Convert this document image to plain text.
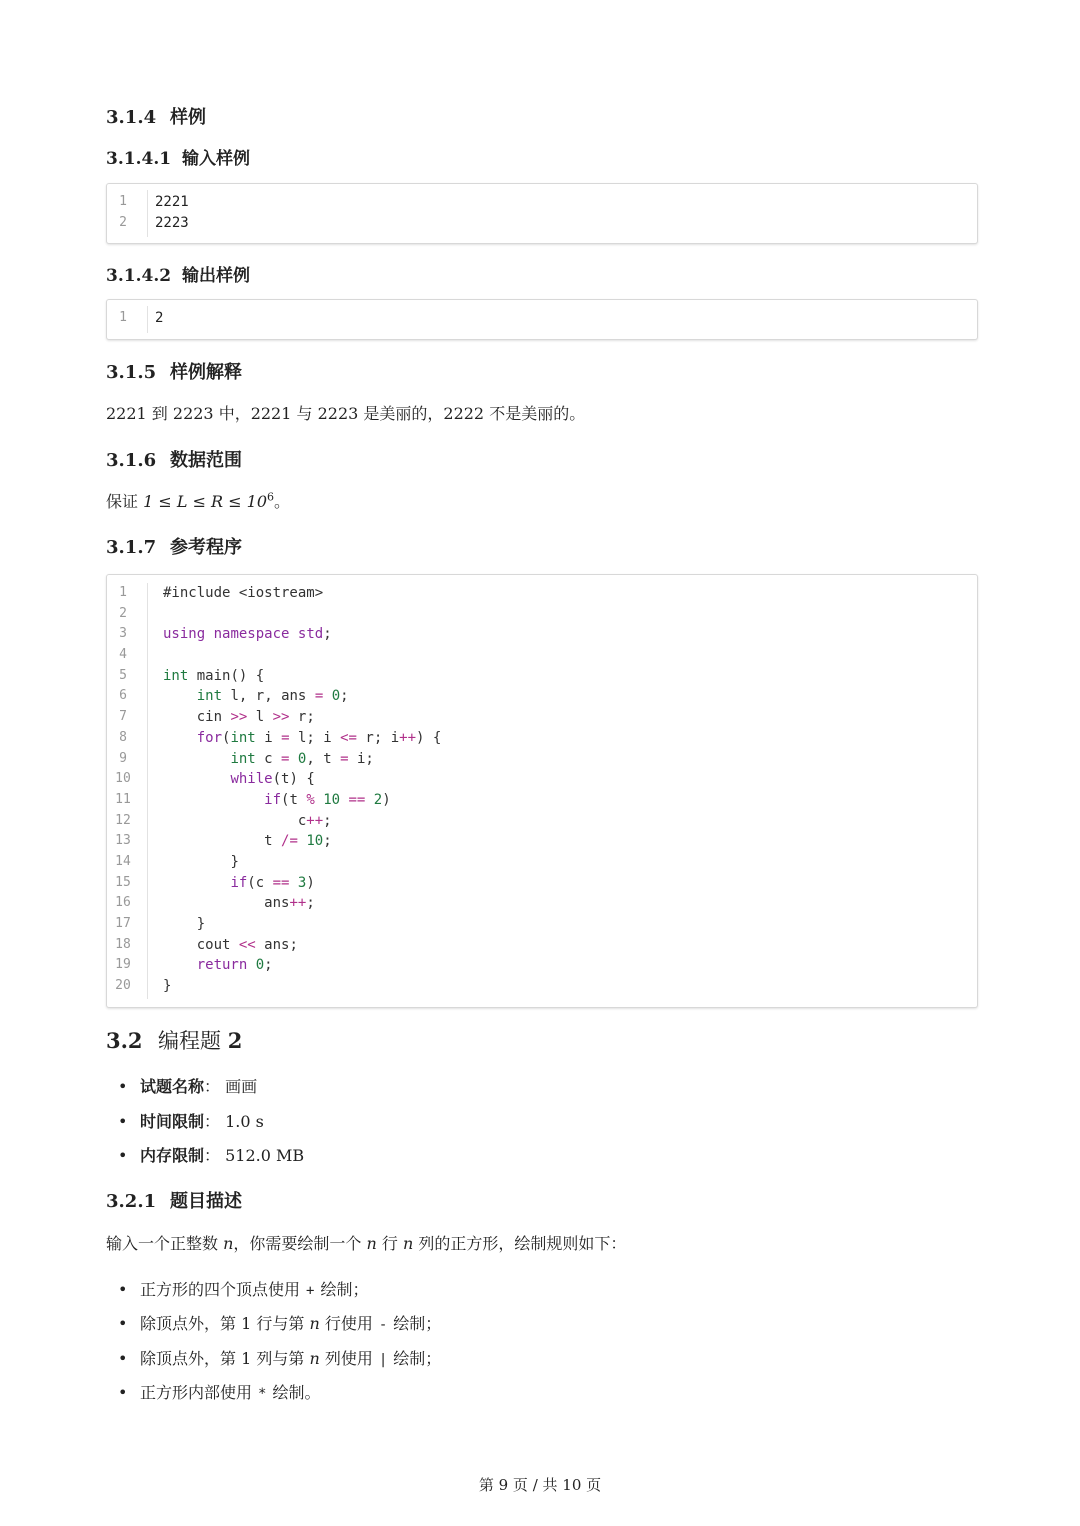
3.1.4 样例
3.1.4.1 输入样例
1	2221
2	2223
3.1.4.2 输出样例
1	2
3.1.5 样例解释
2221 到 2223 中，2221 与 2223 是美丽的，2222 不是美丽的。
3.1.6 数据范围
保证 $1 \le L \le R \le 10^6$。
3.1.7 参考程序
1	#include <iostream>
2
3	using namespace std;
4
5	int main() {
6	int l, r, ans = 0;
7	cin >> l >> r;
8	for(int i = l; i <= r; i++) {
9	int c = 0, t = i;
10	while(t) {
11	if(t % 10 == 2)
12	c++;
13	t /= 10;
14	}
15	if(c == 3)
16	ans++;
17	}
18	cout << ans;
19	return 0;
20	}
3.2 编程题 2
• 试题名称： 画画
• 时间限制： 1.0 s
• 内存限制： 512.0 MB
3.2.1 题目描述
输入一个正整数 n，你需要绘制一个 n 行 n 列的正方形，绘制规则如下：
• 正方形的四个顶点使用 + 绘制；
• 除顶点外，第 1 行与第 n 行使用 - 绘制；
• 除顶点外，第 1 列与第 n 列使用 | 绘制；
• 正方形内部使用 * 绘制。
第 9 页 / 共 10 页
